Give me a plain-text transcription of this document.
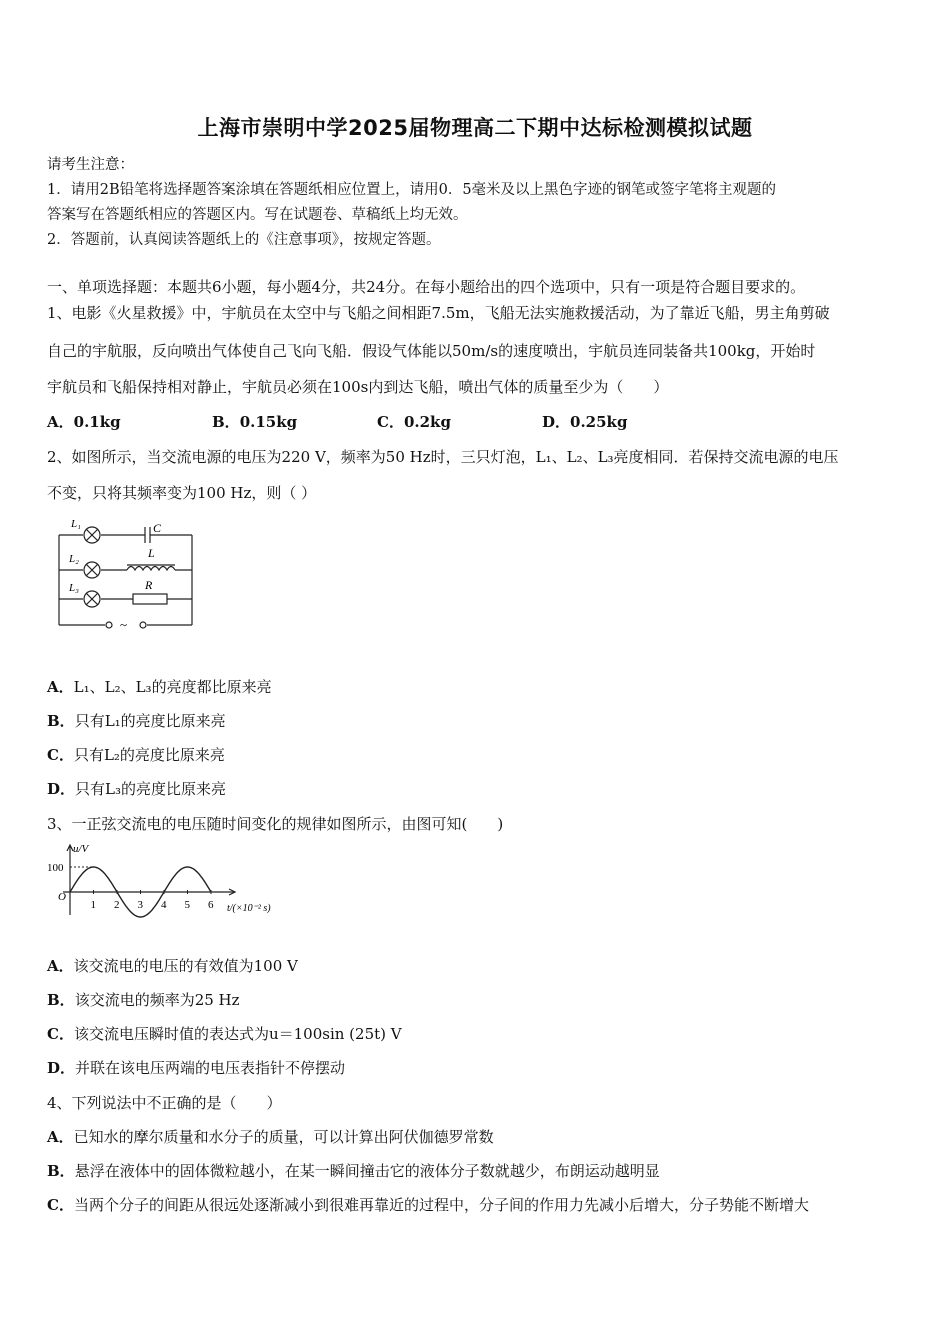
上海市崇明中学2025届物理高二下期中达标检测模拟试题
请考生注意：
1．请用2B铅笔将选择题答案涂填在答题纸相应位置上，请用0．5毫米及以上黑色字迹的钢笔或签字笔将主观题的
答案写在答题纸相应的答题区内。写在试题卷、草稿纸上均无效。
2．答题前，认真阅读答题纸上的《注意事项》，按规定答题。
一、单项选择题：本题共6小题，每小题4分，共24分。在每小题给出的四个选项中，只有一项是符合题目要求的。
1、电影《火星救援》中，宇航员在太空中与飞船之间相距7.5m，飞船无法实施救援活动，为了靠近飞船，男主角剪破
自己的宇航服，反向喷出气体使自己飞向飞船．假设气体能以50m/s的速度喷出，宇航员连同装备共100kg，开始时
宇航员和飞船保持相对静止，宇航员必须在100s内到达飞船，喷出气体的质量至少为（　　）
A．0.1kg	B．0.15kg	C．0.2kg	D．0.25kg
2、如图所示，当交流电源的电压为220 V，频率为50 Hz时，三只灯泡，L₁、L₂、L₃亮度相同．若保持交流电源的电压
不变，只将其频率变为100 Hz，则（ ）
L₁	C
L₂	L
L₃	R
~
A．L₁、L₂、L₃的亮度都比原来亮
B．只有L₁的亮度比原来亮
C．只有L₂的亮度比原来亮
D．只有L₃的亮度比原来亮
3、一正弦交流电的电压随时间变化的规律如图所示，由图可知(　　)
1 2 3 4 5 6
u/V
100
O
t/(×10⁻² s)
A．该交流电的电压的有效值为100 V
B．该交流电的频率为25 Hz
C．该交流电压瞬时值的表达式为u＝100sin (25t) V
D．并联在该电压两端的电压表指针不停摆动
4、下列说法中不正确的是（　　）
A．已知水的摩尔质量和水分子的质量，可以计算出阿伏伽德罗常数
B．悬浮在液体中的固体微粒越小，在某一瞬间撞击它的液体分子数就越少，布朗运动越明显
C．当两个分子的间距从很远处逐渐减小到很难再靠近的过程中，分子间的作用力先减小后增大，分子势能不断增大
